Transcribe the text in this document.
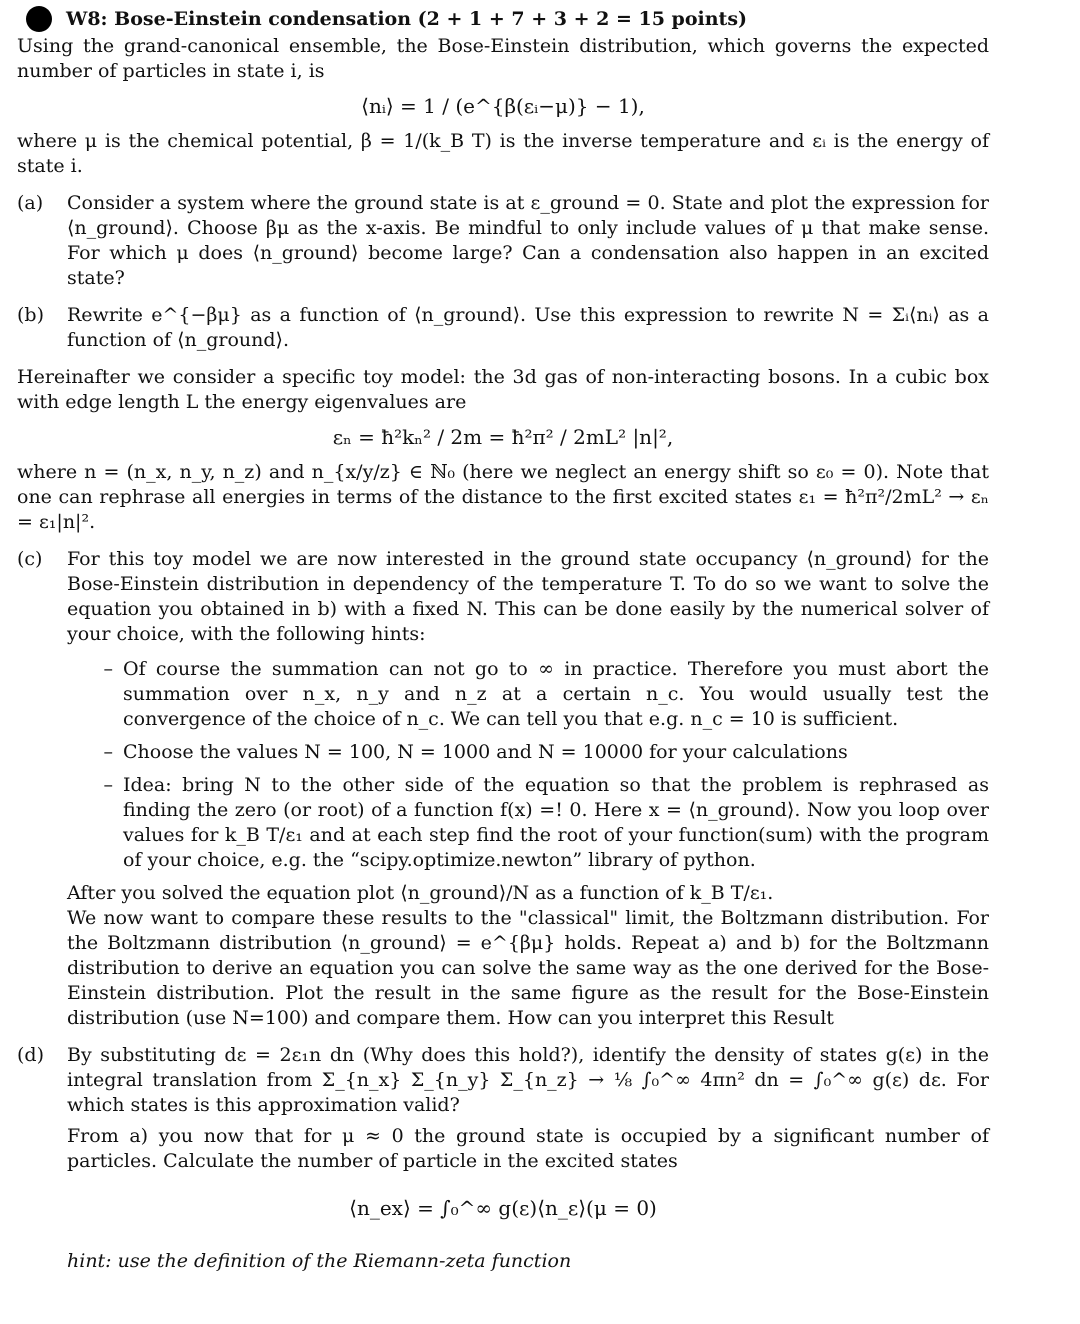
W8: Bose-Einstein condensation (2 + 1 + 7 + 3 + 2 = 15 points)

Using the grand-canonical ensemble, the Bose-Einstein distribution, which governs the expected number of particles in state i, is

⟨nᵢ⟩ = 1 / (e^{β(εᵢ−μ)} − 1),

where μ is the chemical potential, β = 1/(k_B T) is the inverse temperature and εᵢ is the energy of state i.

(a)	Consider a system where the ground state is at ε_ground = 0. State and plot the expression for ⟨n_ground⟩. Choose βμ as the x-axis. Be mindful to only include values of μ that make sense. For which μ does ⟨n_ground⟩ become large? Can a condensation also happen in an excited state?
(b)	Rewrite e^{−βμ} as a function of ⟨n_ground⟩. Use this expression to rewrite N = Σᵢ⟨nᵢ⟩ as a function of ⟨n_ground⟩.

Hereinafter we consider a specific toy model: the 3d gas of non-interacting bosons. In a cubic box with edge length L the energy eigenvalues are

εₙ = ħ²kₙ² / 2m = ħ²π² / 2mL² |n|²,

where n = (n_x, n_y, n_z) and n_{x/y/z} ∈ ℕ₀ (here we neglect an energy shift so ε₀ = 0). Note that one can rephrase all energies in terms of the distance to the first excited states ε₁ = ħ²π²/2mL² → εₙ = ε₁|n|².

(c)	For this toy model we are now interested in the ground state occupancy ⟨n_ground⟩ for the Bose-Einstein distribution in dependency of the temperature T. To do so we want to solve the equation you obtained in b) with a fixed N. This can be done easily by the numerical solver of your choice, with the following hints:
– Of course the summation can not go to ∞ in practice. Therefore you must abort the summation over n_x, n_y and n_z at a certain n_c. You would usually test the convergence of the choice of n_c. We can tell you that e.g. n_c = 10 is sufficient.
– Choose the values N = 100, N = 1000 and N = 10000 for your calculations
– Idea: bring N to the other side of the equation so that the problem is rephrased as finding the zero (or root) of a function f(x) =! 0. Here x = ⟨n_ground⟩. Now you loop over values for k_B T/ε₁ and at each step find the root of your function(sum) with the program of your choice, e.g. the “scipy.optimize.newton” library of python.
After you solved the equation plot ⟨n_ground⟩/N as a function of k_B T/ε₁.
We now want to compare these results to the "classical" limit, the Boltzmann distribution. For the Boltzmann distribution ⟨n_ground⟩ = e^{βμ} holds. Repeat a) and b) for the Boltzmann distribution to derive an equation you can solve the same way as the one derived for the Bose-Einstein distribution. Plot the result in the same figure as the result for the Bose-Einstein distribution (use N=100) and compare them. How can you interpret this Result
(d)	By substituting dε = 2ε₁n dn (Why does this hold?), identify the density of states g(ε) in the integral translation from Σ_{n_x} Σ_{n_y} Σ_{n_z} → ⅛ ∫₀^∞ 4πn² dn = ∫₀^∞ g(ε) dε. For which states is this approximation valid?
From a) you now that for μ ≈ 0 the ground state is occupied by a significant number of particles. Calculate the number of particle in the excited states
⟨n_ex⟩ = ∫₀^∞ g(ε)⟨n_ε⟩(μ = 0)
hint: use the definition of the Riemann-zeta function
